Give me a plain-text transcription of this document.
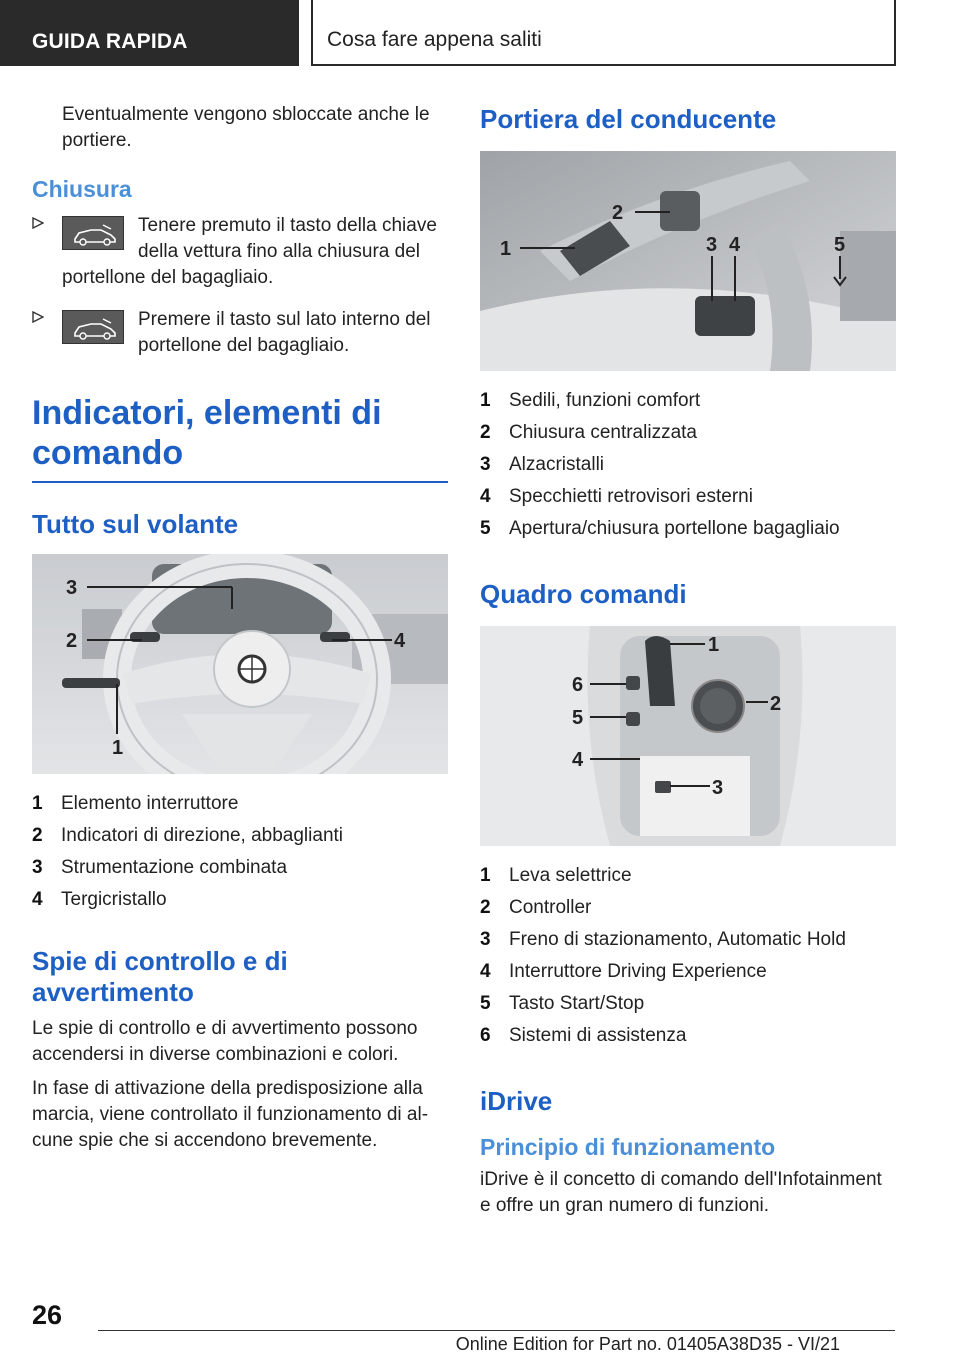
GUIDA RAPIDA	Cosa fare appena saliti
Eventualmente vengono sbloccate anche le portiere.
Chiusura
Tenere premuto il tasto della chiave della vettura fino alla chiusura del portellone del bagagliaio.
Premere il tasto sul lato interno del portellone del bagagliaio.
Indicatori, elementi di comando
Tutto sul volante
3
2	4
1
1 Elemento interruttore
2 Indicatori di direzione, abbaglianti
3 Strumentazione combinata
4 Tergicristallo
Spie di controllo e di avvertimento
Le spie di controllo e di avvertimento possono accendersi in diverse combinazioni e colori.
In fase di attivazione della predisposizione alla marcia, viene controllato il funzionamento di al-cune spie che si accendono brevemente.
Portiera del conducente
1
2
3 4	5
1 Sedili, funzioni comfort
2 Chiusura centralizzata
3 Alzacristalli
4 Specchietti retrovisori esterni
5 Apertura/chiusura portellone bagagliaio
Quadro comandi
1
2
3
4
5
6
1 Leva selettrice
2 Controller
3 Freno di stazionamento, Automatic Hold
4 Interruttore Driving Experience
5 Tasto Start/Stop
6 Sistemi di assistenza
iDrive
Principio di funzionamento
iDrive è il concetto di comando dell'Infotainment e offre un gran numero di funzioni.
26
Online Edition for Part no. 01405A38D35 - VI/21
